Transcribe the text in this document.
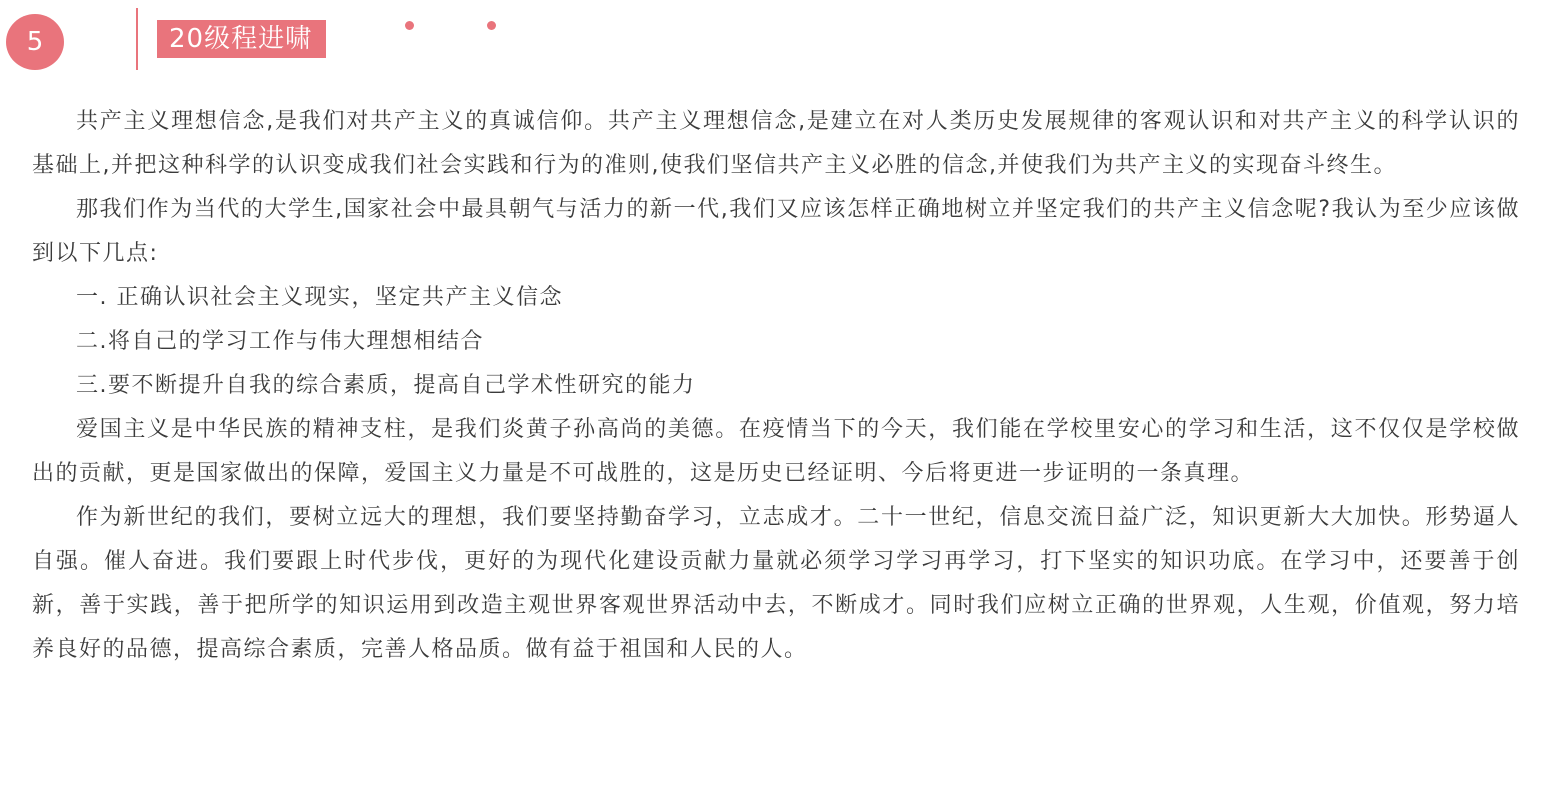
5	20级程进啸

共产主义理想信念,是我们对共产主义的真诚信仰。共产主义理想信念,是建立在对人类历史发展规律的客观认识和对共产主义的科学认识的基础上,并把这种科学的认识变成我们社会实践和行为的准则,使我们坚信共产主义必胜的信念,并使我们为共产主义的实现奋斗终生。

那我们作为当代的大学生,国家社会中最具朝气与活力的新一代,我们又应该怎样正确地树立并坚定我们的共产主义信念呢?我认为至少应该做到以下几点:

一. 正确认识社会主义现实，坚定共产主义信念

二.将自己的学习工作与伟大理想相结合

三.要不断提升自我的综合素质，提高自己学术性研究的能力

爱国主义是中华民族的精神支柱，是我们炎黄子孙高尚的美德。在疫情当下的今天，我们能在学校里安心的学习和生活，这不仅仅是学校做出的贡献，更是国家做出的保障，爱国主义力量是不可战胜的，这是历史已经证明、今后将更进一步证明的一条真理。

作为新世纪的我们，要树立远大的理想，我们要坚持勤奋学习，立志成才。二十一世纪，信息交流日益广泛，知识更新大大加快。形势逼人自强。催人奋进。我们要跟上时代步伐，更好的为现代化建设贡献力量就必须学习学习再学习，打下坚实的知识功底。在学习中，还要善于创新，善于实践，善于把所学的知识运用到改造主观世界客观世界活动中去，不断成才。同时我们应树立正确的世界观，人生观，价值观，努力培养良好的品德，提高综合素质，完善人格品质。做有益于祖国和人民的人。
